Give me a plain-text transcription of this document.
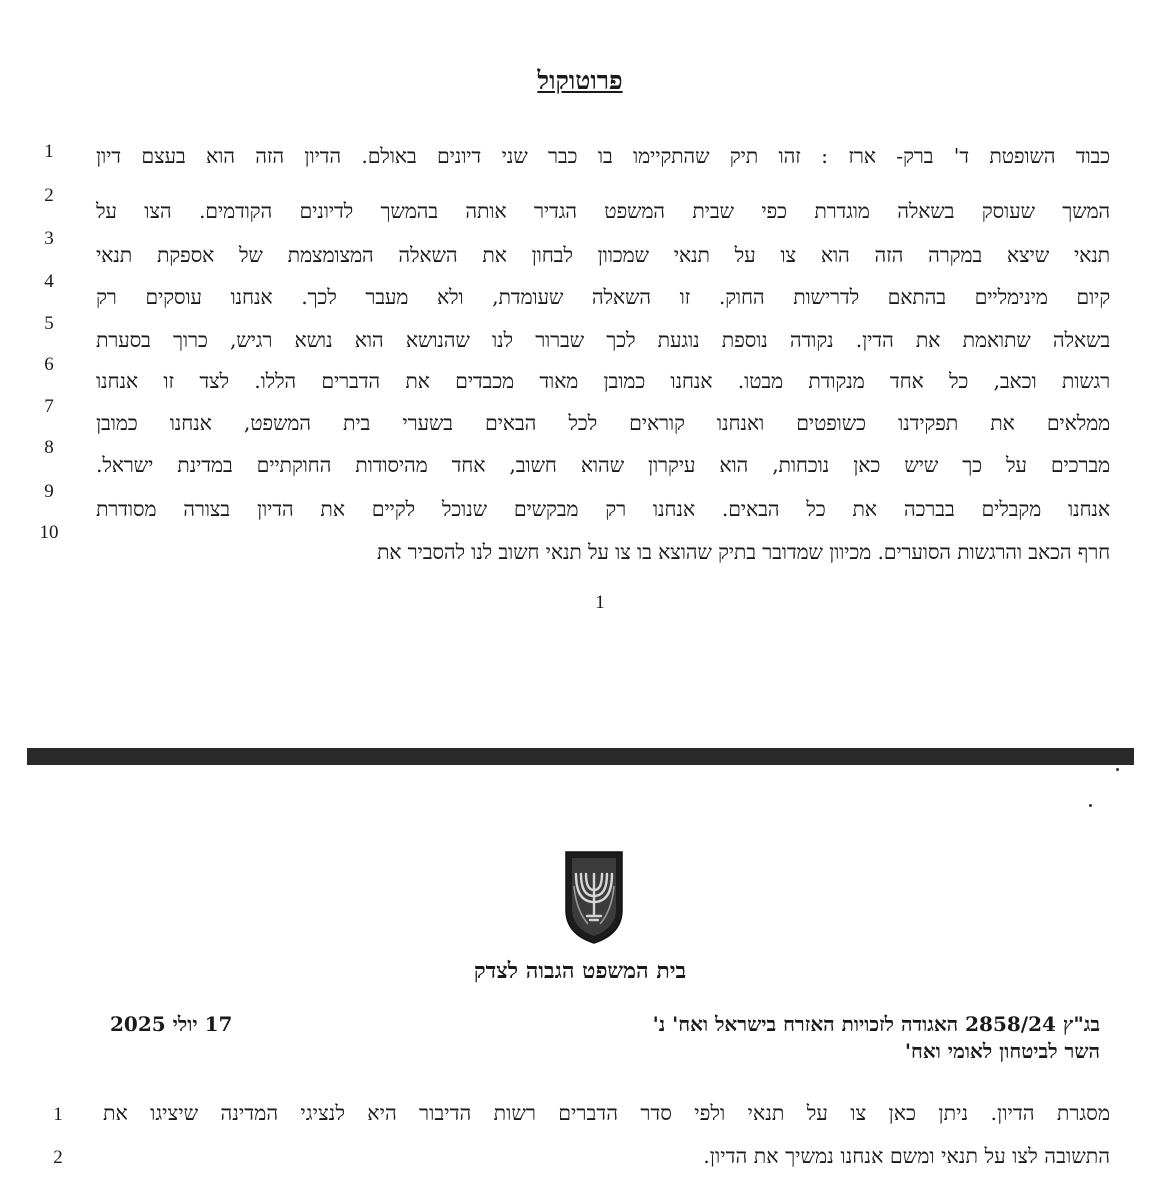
פרוטוקול
כבוד השופטת ד' ברק- ארז : זהו תיק שהתקיימו בו כבר שני דיונים באולם. הדיון הזה הוא בעצם דיון
1
המשך שעוסק בשאלה מוגדרת כפי שבית המשפט הגדיר אותה בהמשך לדיונים הקודמים. הצו על
2
תנאי שיצא במקרה הזה הוא צו על תנאי שמכוון לבחון את השאלה המצומצמת של אספקת תנאי
3
קיום מינימליים בהתאם לדרישות החוק. זו השאלה שעומדת, ולא מעבר לכך. אנחנו עוסקים רק
4
בשאלה שתואמת את הדין. נקודה נוספת נוגעת לכך שברור לנו שהנושא הוא נושא רגיש, כרוך בסערת
5
רגשות וכאב, כל אחד מנקודת מבטו. אנחנו כמובן מאוד מכבדים את הדברים הללו. לצד זו אנחנו
6
ממלאים את תפקידנו כשופטים ואנחנו קוראים לכל הבאים בשערי בית המשפט, אנחנו כמובן
7
מברכים על כך שיש כאן נוכחות, הוא עיקרון שהוא חשוב, אחד מהיסודות החוקתיים במדינת ישראל.
8
אנחנו מקבלים בברכה את כל הבאים. אנחנו רק מבקשים שנוכל לקיים את הדיון בצורה מסודרת
9
חרף הכאב והרגשות הסוערים. מכיוון שמדובר בתיק שהוצא בו צו על תנאי חשוב לנו להסביר את
10
1
בית המשפט הגבוה לצדק
בג"ץ 2858/24 האגודה לזכויות האזרח בישראל ואח' נ'
השר לביטחון לאומי ואח'
17 יולי 2025
מסגרת הדיון. ניתן כאן צו על תנאי ולפי סדר הדברים רשות הדיבור היא לנציגי המדינה שיציגו את
1
התשובה לצו על תנאי ומשם אנחנו נמשיך את הדיון.
2
